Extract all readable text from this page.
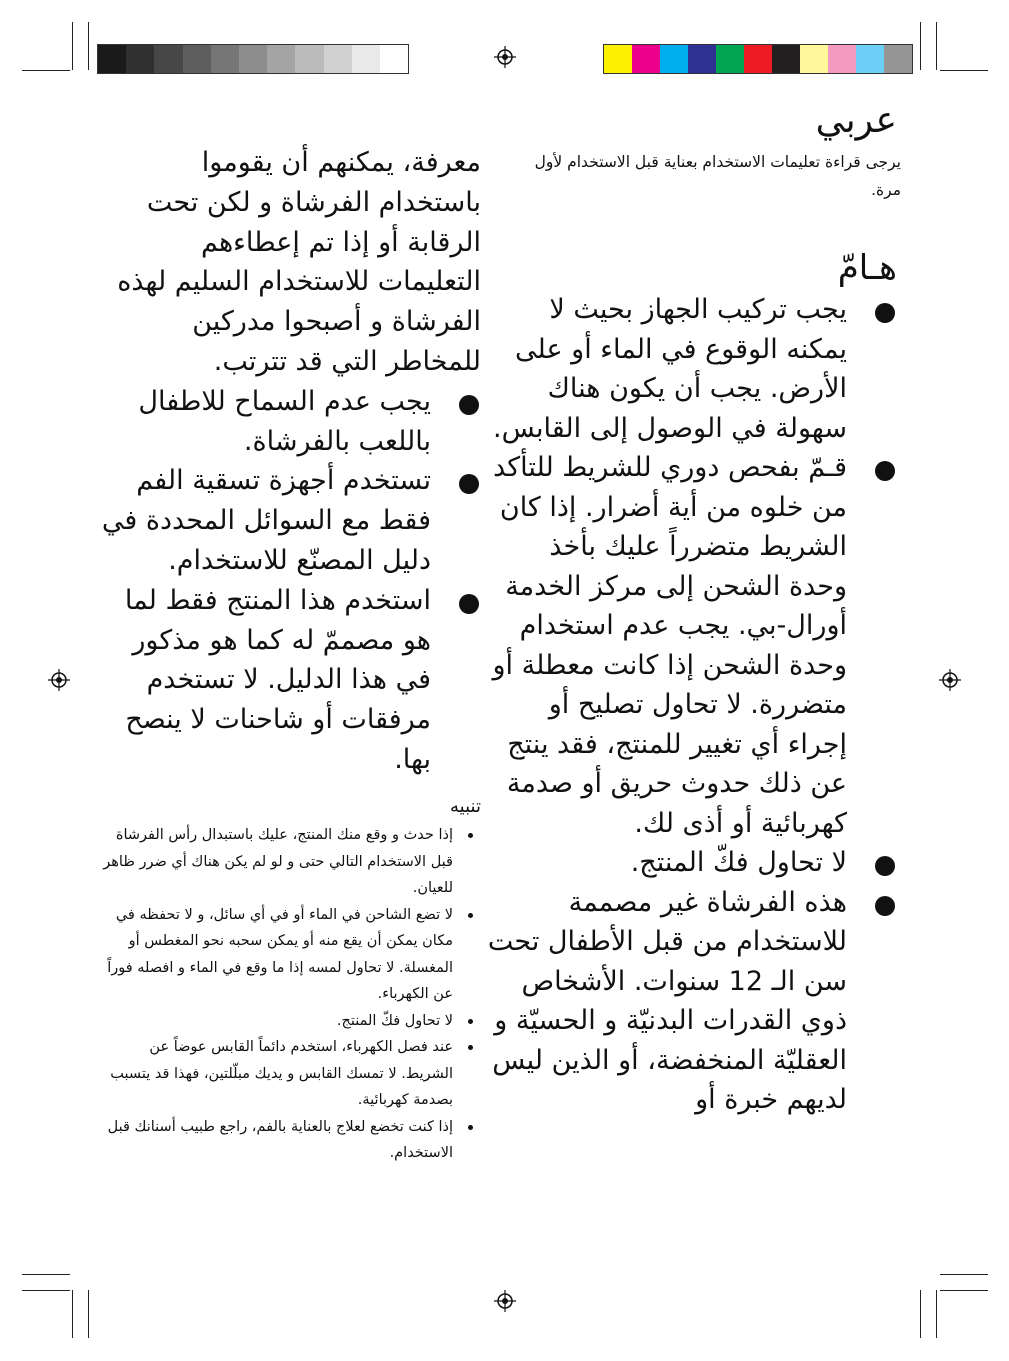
عربي
يرجى قراءة تعليمات الاستخدام بعناية قبل الاستخدام لأول مرة.
هـامّ
يجب تركيب الجهاز بحيث لا يمكنه الوقوع في الماء أو على الأرض. يجب أن يكون هناك سهولة في الوصول إلى القابس.
قـمّ بفحص دوري للشريط للتأكد من خلوه من أية أضرار. إذا كان الشريط متضرراً عليك بأخذ وحدة الشحن إلى مركز الخدمة أورال-بي. يجب عدم استخدام وحدة الشحن إذا كانت معطلة أو متضررة. لا تحاول تصليح أو إجراء أي تغيير للمنتج، فقد ينتج عن ذلك حدوث حريق أو صدمة كهربائية أو أذى لك.
لا تحاول فكّ المنتج.
هذه الفرشاة غير مصممة للاستخدام من قبل الأطفال تحت سن الـ 12 سنوات. الأشخاص ذوي القدرات البدنيّة و الحسيّة و العقليّة المنخفضة، أو الذين ليس لديهم خبرة أو
معرفة، يمكنهم أن يقوموا باستخدام الفرشاة و لكن تحت الرقابة أو إذا تم إعطاءهم التعليمات للاستخدام السليم لهذه الفرشاة و أصبحوا مدركين للمخاطر التي قد تترتب.
يجب عدم السماح للاطفال باللعب بالفرشاة.
تستخدم أجهزة تسقية الفم فقط مع السوائل المحددة في دليل المصنّع للاستخدام.
استخدم هذا المنتج فقط لما هو مصممّ له كما هو مذكور في هذا الدليل. لا تستخدم مرفقات أو شاحنات لا ينصح بها.
تنبيه
إذا حدث و وقع منك المنتج، عليك باستبدال رأس الفرشاة قبل الاستخدام التالي حتى و لو لم يكن هناك أي ضرر ظاهر للعيان.
لا تضع الشاحن في الماء أو في أي سائل، و لا تحفظه في مكان يمكن أن يقع منه أو يمكن سحبه نحو المغطس أو المغسلة. لا تحاول لمسه إذا ما وقع في الماء و افصله فوراً عن الكهرباء.
لا تحاول فكّ المنتج.
عند فصل الكهرباء، استخدم دائماً القابس عوضاً عن الشريط. لا تمسك القابس و يديك مبلّلتين، فهذا قد يتسبب بصدمة كهربائية.
إذا كنت تخضع لعلاج بالعناية بالفم، راجع طبيب أسنانك قبل الاستخدام.
